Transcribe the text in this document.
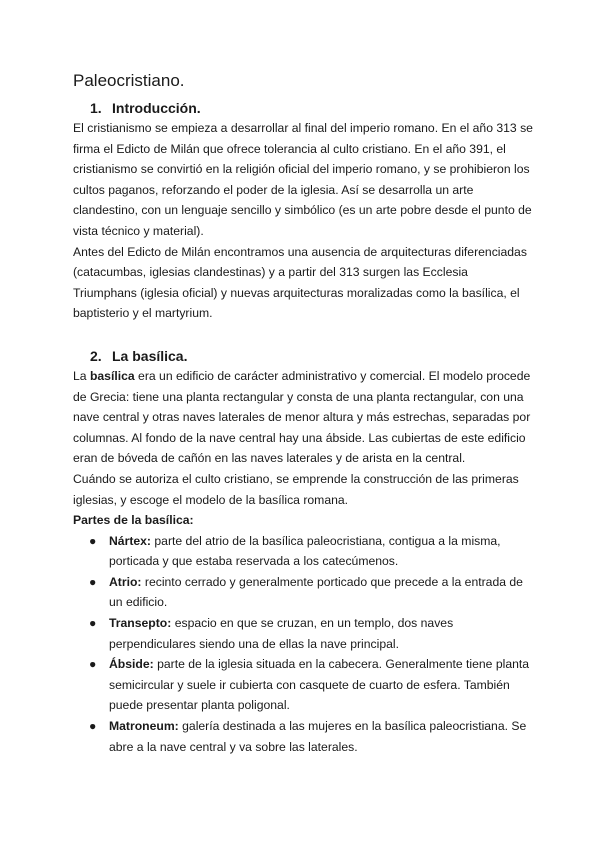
Paleocristiano.
1. Introducción.

El cristianismo se empieza a desarrollar al final del imperio romano. En el año 313 se firma el Edicto de Milán que ofrece tolerancia al culto cristiano. En el año 391, el cristianismo se convirtió en la religión oficial del imperio romano, y se prohibieron los cultos paganos, reforzando el poder de la iglesia. Así se desarrolla un arte clandestino, con un lenguaje sencillo y simbólico (es un arte pobre desde el punto de vista técnico y material).

Antes del Edicto de Milán encontramos una ausencia de arquitecturas diferenciadas (catacumbas, iglesias clandestinas) y a partir del 313 surgen las Ecclesia Triumphans (iglesia oficial) y nuevas arquitecturas moralizadas como la basílica, el baptisterio y el martyrium.

2. La basílica.

La basílica era un edificio de carácter administrativo y comercial. El modelo procede de Grecia: tiene una planta rectangular y consta de una planta rectangular, con una nave central y otras naves laterales de menor altura y más estrechas, separadas por columnas. Al fondo de la nave central hay una ábside. Las cubiertas de este edificio eran de bóveda de cañón en las naves laterales y de arista en la central.

Cuándo se autoriza el culto cristiano, se emprende la construcción de las primeras iglesias, y escoge el modelo de la basílica romana.

Partes de la basílica:

● Nártex: parte del atrio de la basílica paleocristiana, contigua a la misma, porticada y que estaba reservada a los catecúmenos.
● Atrio: recinto cerrado y generalmente porticado que precede a la entrada de un edificio.
● Transepto: espacio en que se cruzan, en un templo, dos naves perpendiculares siendo una de ellas la nave principal.
● Ábside: parte de la iglesia situada en la cabecera. Generalmente tiene planta semicircular y suele ir cubierta con casquete de cuarto de esfera. También puede presentar planta poligonal.
● Matroneum: galería destinada a las mujeres en la basílica paleocristiana. Se abre a la nave central y va sobre las laterales.
